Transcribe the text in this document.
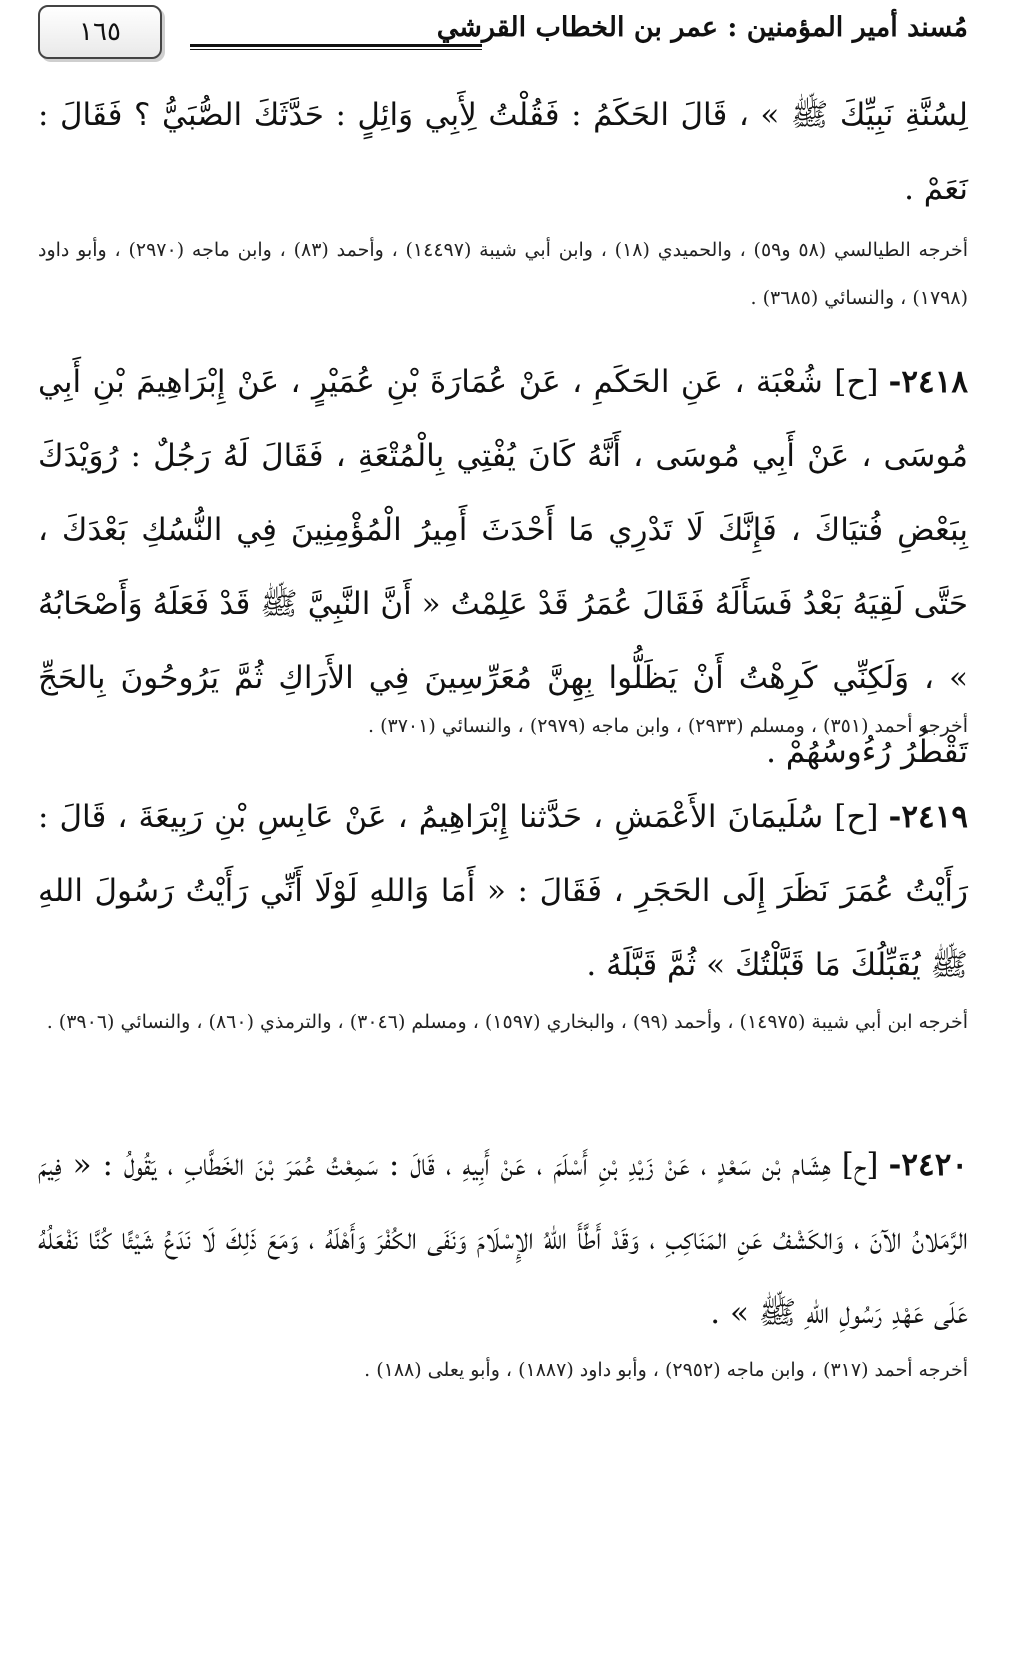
مُسند أمير المؤمنين : عمر بن الخطاب القرشي
١٦٥
لِسُنَّةِ نَبِيِّكَ ﷺ » ، قَالَ الحَكَمُ : فَقُلْتُ لِأَبِي وَائِلٍ : حَدَّثَكَ الصُّبَيُّ ؟ فَقَالَ : نَعَمْ .
أخرجه الطيالسي (٥٨ و٥٩) ، والحميدي (١٨) ، وابن أبي شيبة (١٤٤٩٧) ، وأحمد (٨٣) ، وابن ماجه (٢٩٧٠) ، وأبو داود (١٧٩٨) ، والنسائي (٣٦٨٥) .
٢٤١٨-[ح] شُعْبَة ، عَنِ الحَكَمِ ، عَنْ عُمَارَةَ بْنِ عُمَيْرٍ ، عَنْ إِبْرَاهِيمَ بْنِ أَبِي مُوسَى ، عَنْ أَبِي مُوسَى ، أَنَّهُ كَانَ يُفْتِي بِالْمُتْعَةِ ، فَقَالَ لَهُ رَجُلٌ : رُوَيْدَكَ بِبَعْضِ فُتيَاكَ ، فَإِنَّكَ لَا تَدْرِي مَا أَحْدَثَ أَمِيرُ الْمُؤْمِنِينَ فِي النُّسُكِ بَعْدَكَ ، حَتَّى لَقِيَهُ بَعْدُ فَسَأَلَهُ فَقَالَ عُمَرُ قَدْ عَلِمْتُ « أَنَّ النَّبِيَّ ﷺ قَدْ فَعَلَهُ وَأَصْحَابُهُ » ، وَلَكِنِّي كَرِهْتُ أَنْ يَظَلُّوا بِهِنَّ مُعَرِّسِينَ فِي الأَرَاكِ ثُمَّ يَرُوحُونَ بِالحَجِّ تَقْطُرُ رُءُوسُهُمْ .
أخرجه أحمد (٣٥١) ، ومسلم (٢٩٣٣) ، وابن ماجه (٢٩٧٩) ، والنسائي (٣٧٠١) .
٢٤١٩-[ح] سُلَيمَانَ الأَعْمَشِ ، حَدَّثنا إِبْرَاهِيمُ ، عَنْ عَابِسِ بْنِ رَبِيعَةَ ، قَالَ : رَأَيْتُ عُمَرَ نَظَرَ إِلَى الحَجَرِ ، فَقَالَ : « أَمَا وَاللهِ لَوْلَا أَنِّي رَأَيْتُ رَسُولَ اللهِ ﷺ يُقَبِّلُكَ مَا قَبَّلْتُكَ » ثُمَّ قَبَّلَهُ .
أخرجه ابن أبي شيبة (١٤٩٧٥) ، وأحمد (٩٩) ، والبخاري (١٥٩٧) ، ومسلم (٣٠٤٦) ، والترمذي (٨٦٠) ، والنسائي (٣٩٠٦) .
٢٤٢٠-[ح] هِشَام بْن سَعْدٍ ، عَنْ زَيْدِ بْنِ أَسْلَمَ ، عَنْ أَبِيهِ ، قَالَ : سَمِعْتُ عُمَرَ بْنَ الخَطَّابِ ، يَقُولُ : « فِيمَ الرَّمَلانُ الآنَ ، وَالكَشْفُ عَنِ المَنَاكِبِ ، وَقَدْ أَطَّأَ اللهُ الإِسْلَامَ وَنَفَى الكُفْرَ وَأَهْلَهُ ، وَمَعَ ذَلِكَ لَا نَدَعُ شَيْئًا كُنَّا نَفْعَلُهُ عَلَى عَهْدِ رَسُولِ اللهِ ﷺ » .
أخرجه أحمد (٣١٧) ، وابن ماجه (٢٩٥٢) ، وأبو داود (١٨٨٧) ، وأبو يعلى (١٨٨) .
